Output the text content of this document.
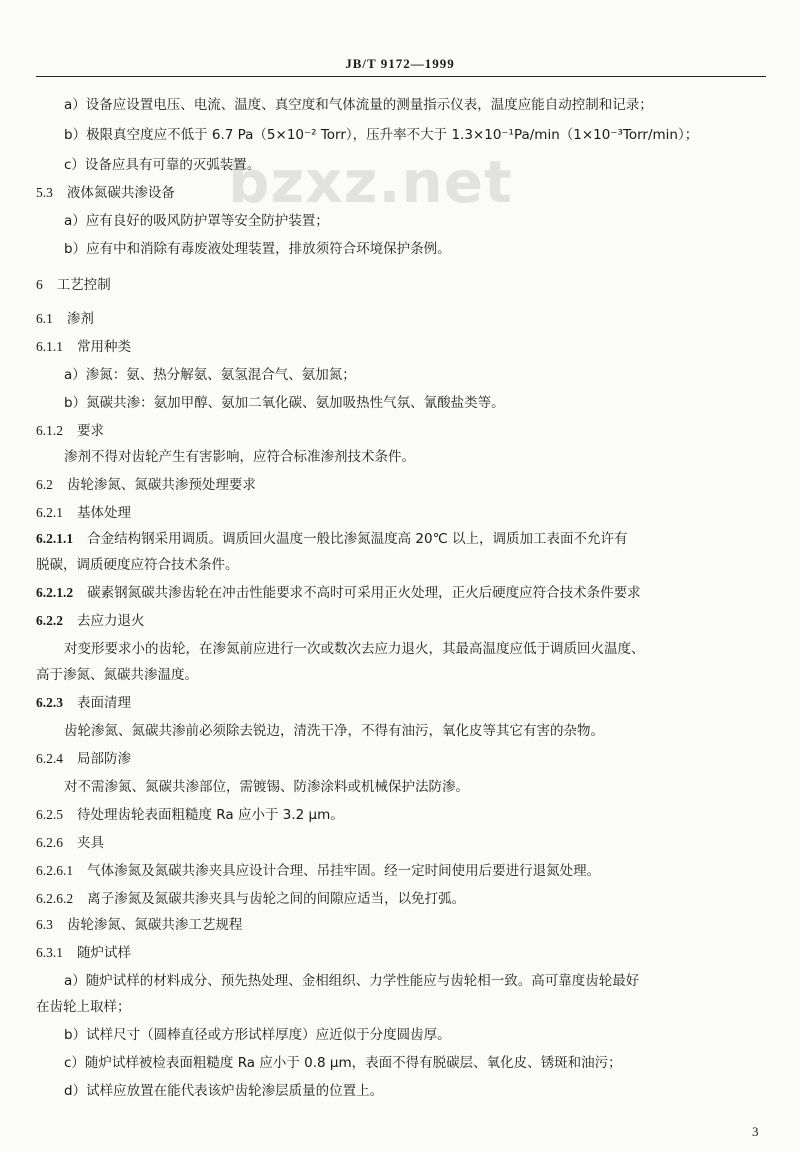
JB/T 9172—1999
bzxz.net
a）设备应设置电压、电流、温度、真空度和气体流量的测量指示仪表，温度应能自动控制和记录；
b）极限真空度应不低于 6.7 Pa（5×10⁻² Torr），压升率不大于 1.3×10⁻¹Pa/min（1×10⁻³Torr/min）；
c）设备应具有可靠的灭弧装置。
5.3 液体氮碳共渗设备
a）应有良好的吸风防护罩等安全防护装置；
b）应有中和消除有毒废液处理装置，排放须符合环境保护条例。
6 工艺控制
6.1 渗剂
6.1.1 常用种类
a）渗氮：氨、热分解氨、氨氢混合气、氨加氮；
b）氮碳共渗：氨加甲醇、氨加二氧化碳、氨加吸热性气氛、氰酸盐类等。
6.1.2 要求
渗剂不得对齿轮产生有害影响，应符合标准渗剂技术条件。
6.2 齿轮渗氮、氮碳共渗预处理要求
6.2.1 基体处理
6.2.1.1 合金结构钢采用调质。调质回火温度一般比渗氮温度高 20℃ 以上，调质加工表面不允许有
脱碳，调质硬度应符合技术条件。
6.2.1.2 碳素钢氮碳共渗齿轮在冲击性能要求不高时可采用正火处理，正火后硬度应符合技术条件要求
6.2.2 去应力退火
对变形要求小的齿轮，在渗氮前应进行一次或数次去应力退火，其最高温度应低于调质回火温度、
高于渗氮、氮碳共渗温度。
6.2.3 表面清理
齿轮渗氮、氮碳共渗前必须除去锐边，清洗干净，不得有油污，氧化皮等其它有害的杂物。
6.2.4 局部防渗
对不需渗氮、氮碳共渗部位，需镀锡、防渗涂料或机械保护法防渗。
6.2.5 待处理齿轮表面粗糙度 Ra 应小于 3.2 μm。
6.2.6 夹具
6.2.6.1 气体渗氮及氮碳共渗夹具应设计合理、吊挂牢固。经一定时间使用后要进行退氮处理。
6.2.6.2 离子渗氮及氮碳共渗夹具与齿轮之间的间隙应适当，以免打弧。
6.3 齿轮渗氮、氮碳共渗工艺规程
6.3.1 随炉试样
a）随炉试样的材料成分、预先热处理、金相组织、力学性能应与齿轮相一致。高可靠度齿轮最好
在齿轮上取样；
b）试样尺寸（圆棒直径或方形试样厚度）应近似于分度圆齿厚。
c）随炉试样被检表面粗糙度 Ra 应小于 0.8 μm，表面不得有脱碳层、氧化皮、锈斑和油污；
d）试样应放置在能代表该炉齿轮渗层质量的位置上。
3
